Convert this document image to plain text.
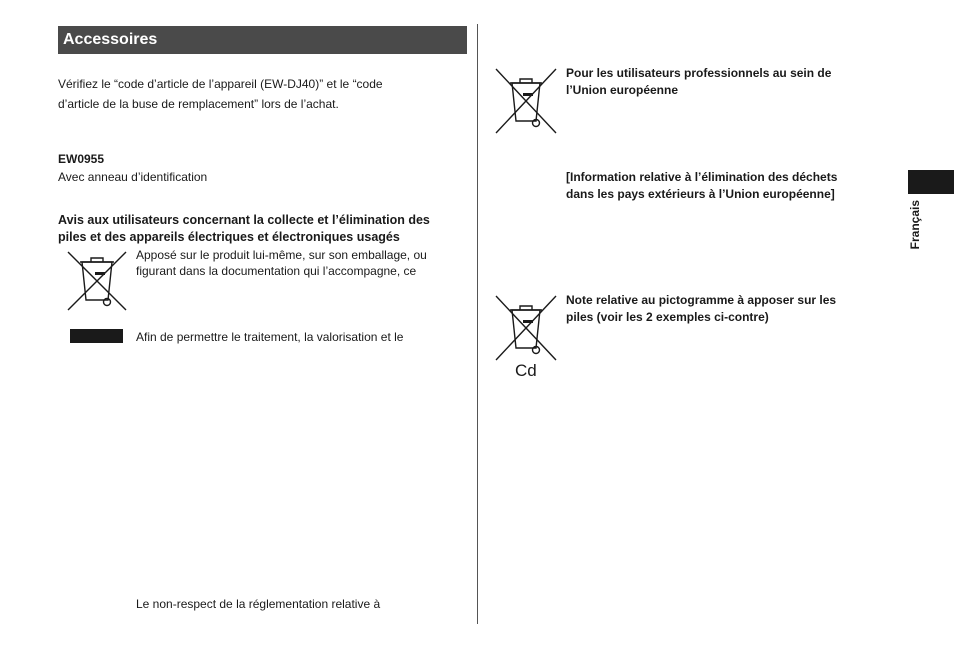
Accessoires
Vérifiez le “code d’article de l’appareil (EW-DJ40)” et le “code
d’article de la buse de remplacement” lors de l’achat.
EW0955
Avec anneau d’identification
Avis aux utilisateurs concernant la collecte et l’élimination des
piles et des appareils électriques et électroniques usagés
Apposé sur le produit lui-même, sur son emballage, ou
figurant dans la documentation qui l’accompagne, ce
Afin de permettre le traitement, la valorisation et le
Le non-respect de la réglementation relative à
Pour les utilisateurs professionnels au sein de
l’Union européenne
[Information relative à l’élimination des déchets
dans les pays extérieurs à l’Union européenne]
Cd
Note relative au pictogramme à apposer sur les
piles (voir les 2 exemples ci-contre)
Français
